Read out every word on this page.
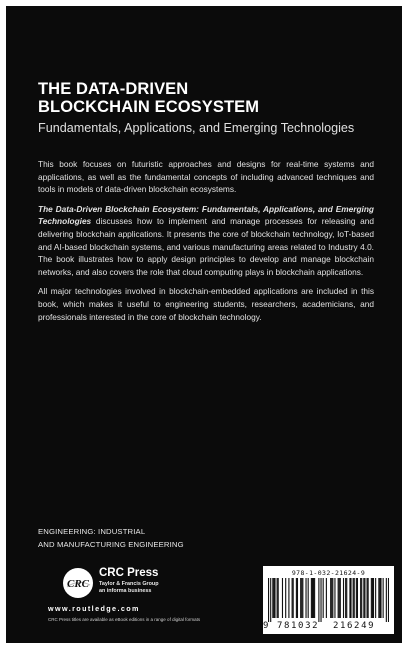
THE DATA-DRIVEN
BLOCKCHAIN ECOSYSTEM
Fundamentals, Applications, and Emerging Technologies

This book focuses on futuristic approaches and designs for real-time systems and applications, as well as the fundamental concepts of including advanced techniques and tools in models of data-driven blockchain ecosystems.

The Data-Driven Blockchain Ecosystem: Fundamentals, Applications, and Emerging Technologies discusses how to implement and manage processes for releasing and delivering blockchain applications. It presents the core of blockchain technology, IoT-based and AI-based blockchain systems, and various manufacturing areas related to Industry 4.0. The book illustrates how to apply design principles to develop and manage blockchain networks, and also covers the role that cloud computing plays in blockchain applications.

All major technologies involved in blockchain-embedded applications are included in this book, which makes it useful to engineering students, researchers, academicians, and professionals interested in the core of blockchain technology.

ENGINEERING: INDUSTRIAL
AND MANUFACTURING ENGINEERING
CRC
CRC Press
Taylor & Francis Group
an informa business
www.routledge.com
CRC Press titles are available as eBook editions in a range of digital formats
978-1-032-21624-9
9 781032 216249
